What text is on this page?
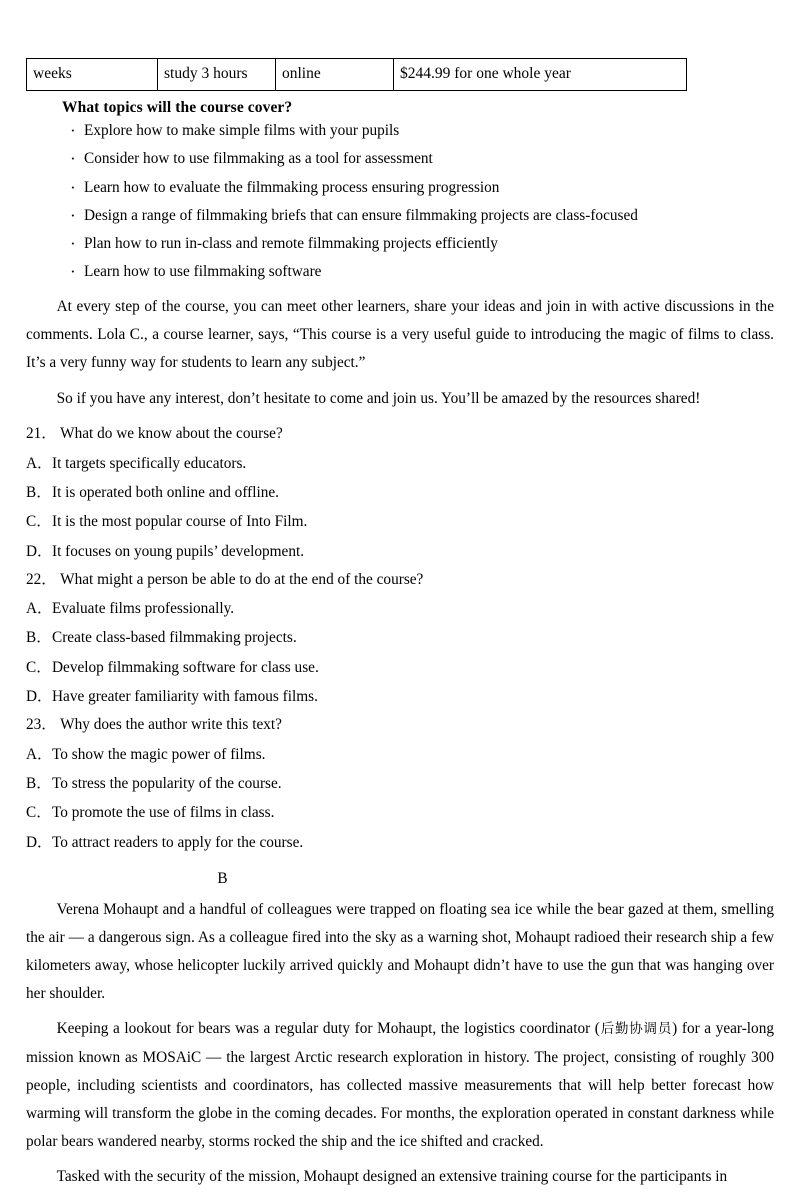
weeks	study 3 hours	online	$244.99 for one whole year
What topics will the course cover?
· Explore how to make simple films with your pupils
· Consider how to use filmmaking as a tool for assessment
· Learn how to evaluate the filmmaking process ensuring progression
· Design a range of filmmaking briefs that can ensure filmmaking projects are class-focused
· Plan how to run in-class and remote filmmaking projects efficiently
· Learn how to use filmmaking software

At every step of the course, you can meet other learners, share your ideas and join in with active discussions in the comments. Lola C., a course learner, says, “This course is a very useful guide to introducing the magic of films to class. It’s a very funny way for students to learn any subject.”

So if you have any interest, don’t hesitate to come and join us. You’ll be amazed by the resources shared!

21． What do we know about the course?
A．It targets specifically educators.
B．It is operated both online and offline.
C．It is the most popular course of Into Film.
D．It focuses on young pupils’ development.
22． What might a person be able to do at the end of the course?
A．Evaluate films professionally.
B．Create class-based filmmaking projects.
C．Develop filmmaking software for class use.
D．Have greater familiarity with famous films.
23． Why does the author write this text?
A．To show the magic power of films.
B．To stress the popularity of the course.
C．To promote the use of films in class.
D．To attract readers to apply for the course.
B

Verena Mohaupt and a handful of colleagues were trapped on floating sea ice while the bear gazed at them, smelling the air — a dangerous sign. As a colleague fired into the sky as a warning shot, Mohaupt radioed their research ship a few kilometers away, whose helicopter luckily arrived quickly and Mohaupt didn’t have to use the gun that was hanging over her shoulder.

Keeping a lookout for bears was a regular duty for Mohaupt, the logistics coordinator (后勤协调员) for a year-long mission known as MOSAiC — the largest Arctic research exploration in history. The project, consisting of roughly 300 people, including scientists and coordinators, has collected massive measurements that will help better forecast how warming will transform the globe in the coming decades. For months, the exploration operated in constant darkness while polar bears wandered nearby, storms rocked the ship and the ice shifted and cracked.

Tasked with the security of the mission, Mohaupt designed an extensive training course for the participants in
